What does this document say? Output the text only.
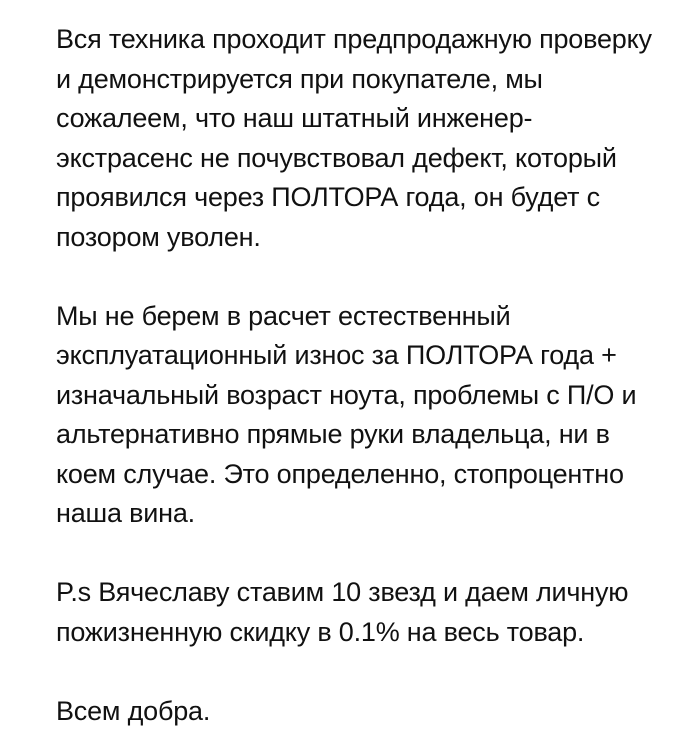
Вся техника проходит предпродажную проверку и демонстрируется при покупателе, мы сожалеем, что наш штатный инженер-экстрасенс не почувствовал дефект, который проявился через ПОЛТОРА года, он будет с позором уволен.

Мы не берем в расчет естественный эксплуатационный износ за ПОЛТОРА года + изначальный возраст ноута, проблемы с П/О и альтернативно прямые руки владельца, ни в коем случае. Это определенно, стопроцентно наша вина.

P.s Вячеславу ставим 10 звезд и даем личную пожизненную скидку в 0.1% на весь товар.

Всем добра.
